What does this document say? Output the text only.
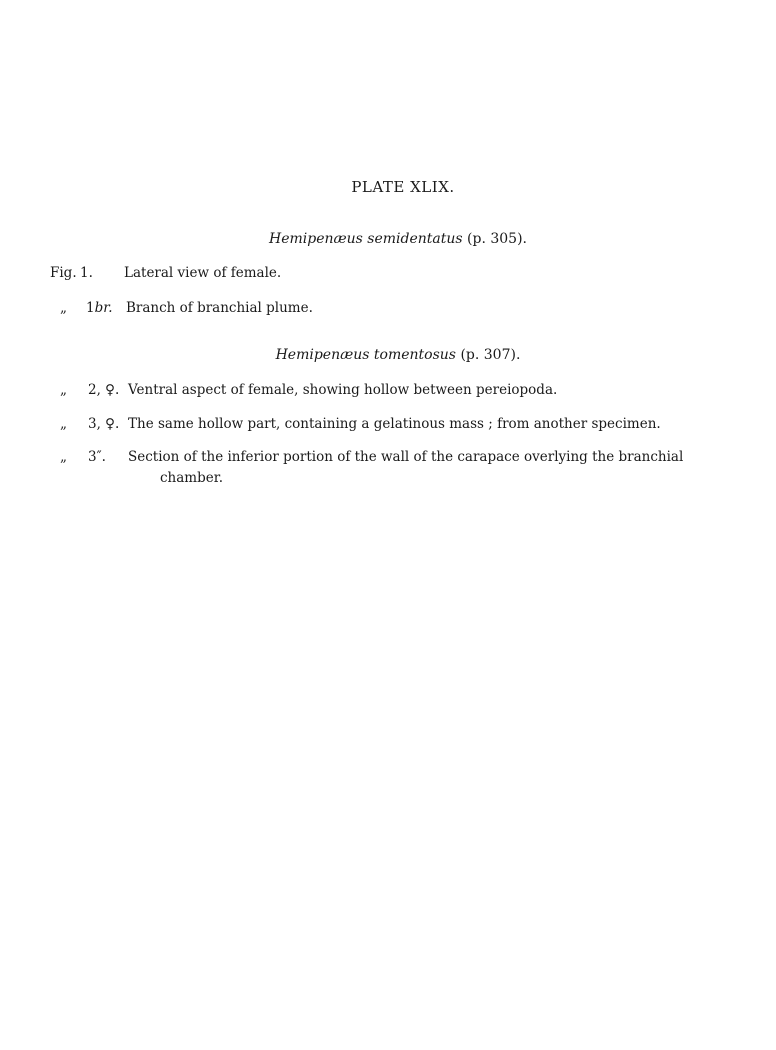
PLATE XLIX.
Hemipenæus semidentatus (p. 305).
Fig. 1. Lateral view of female.
„ 1br. Branch of branchial plume.
Hemipenæus tomentosus (p. 307).
„ 2, ♀. Ventral aspect of female, showing hollow between pereiopoda.
„ 3, ♀. The same hollow part, containing a gelatinous mass ; from another specimen.
„ 3″. Section of the inferior portion of the wall of the carapace overlying the branchial
chamber.
